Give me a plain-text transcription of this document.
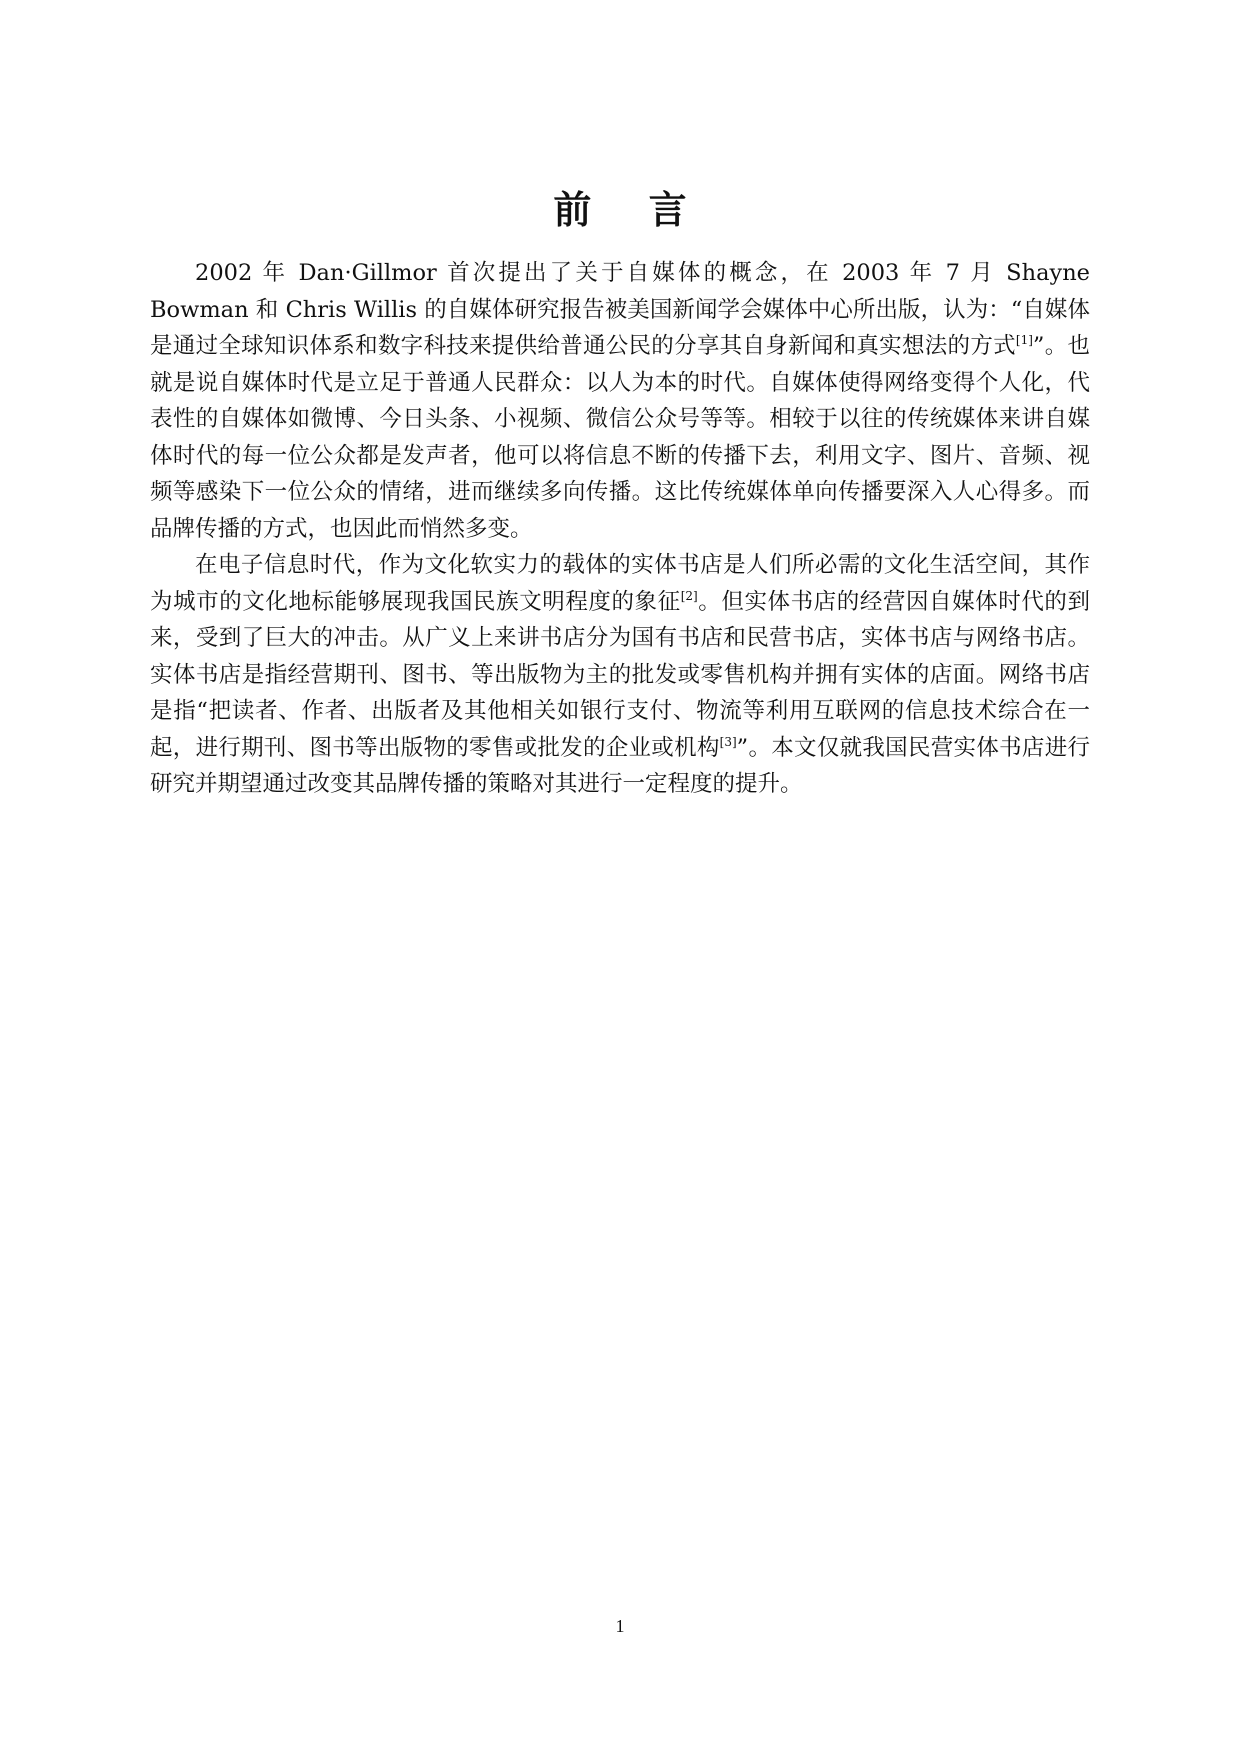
前 言

2002 年 Dan·Gillmor 首次提出了关于自媒体的概念，在 2003 年 7 月 Shayne Bowman 和 Chris Willis 的自媒体研究报告被美国新闻学会媒体中心所出版，认为：“自媒体是通过全球知识体系和数字科技来提供给普通公民的分享其自身新闻和真实想法的方式[1]”。也就是说自媒体时代是立足于普通人民群众：以人为本的时代。自媒体使得网络变得个人化，代表性的自媒体如微博、今日头条、小视频、微信公众号等等。相较于以往的传统媒体来讲自媒体时代的每一位公众都是发声者，他可以将信息不断的传播下去，利用文字、图片、音频、视频等感染下一位公众的情绪，进而继续多向传播。这比传统媒体单向传播要深入人心得多。而品牌传播的方式，也因此而悄然多变。

在电子信息时代，作为文化软实力的载体的实体书店是人们所必需的文化生活空间，其作为城市的文化地标能够展现我国民族文明程度的象征[2]。但实体书店的经营因自媒体时代的到来，受到了巨大的冲击。从广义上来讲书店分为国有书店和民营书店，实体书店与网络书店。实体书店是指经营期刊、图书、等出版物为主的批发或零售机构并拥有实体的店面。网络书店是指“把读者、作者、出版者及其他相关如银行支付、物流等利用互联网的信息技术综合在一起，进行期刊、图书等出版物的零售或批发的企业或机构[3]”。本文仅就我国民营实体书店进行研究并期望通过改变其品牌传播的策略对其进行一定程度的提升。

1
